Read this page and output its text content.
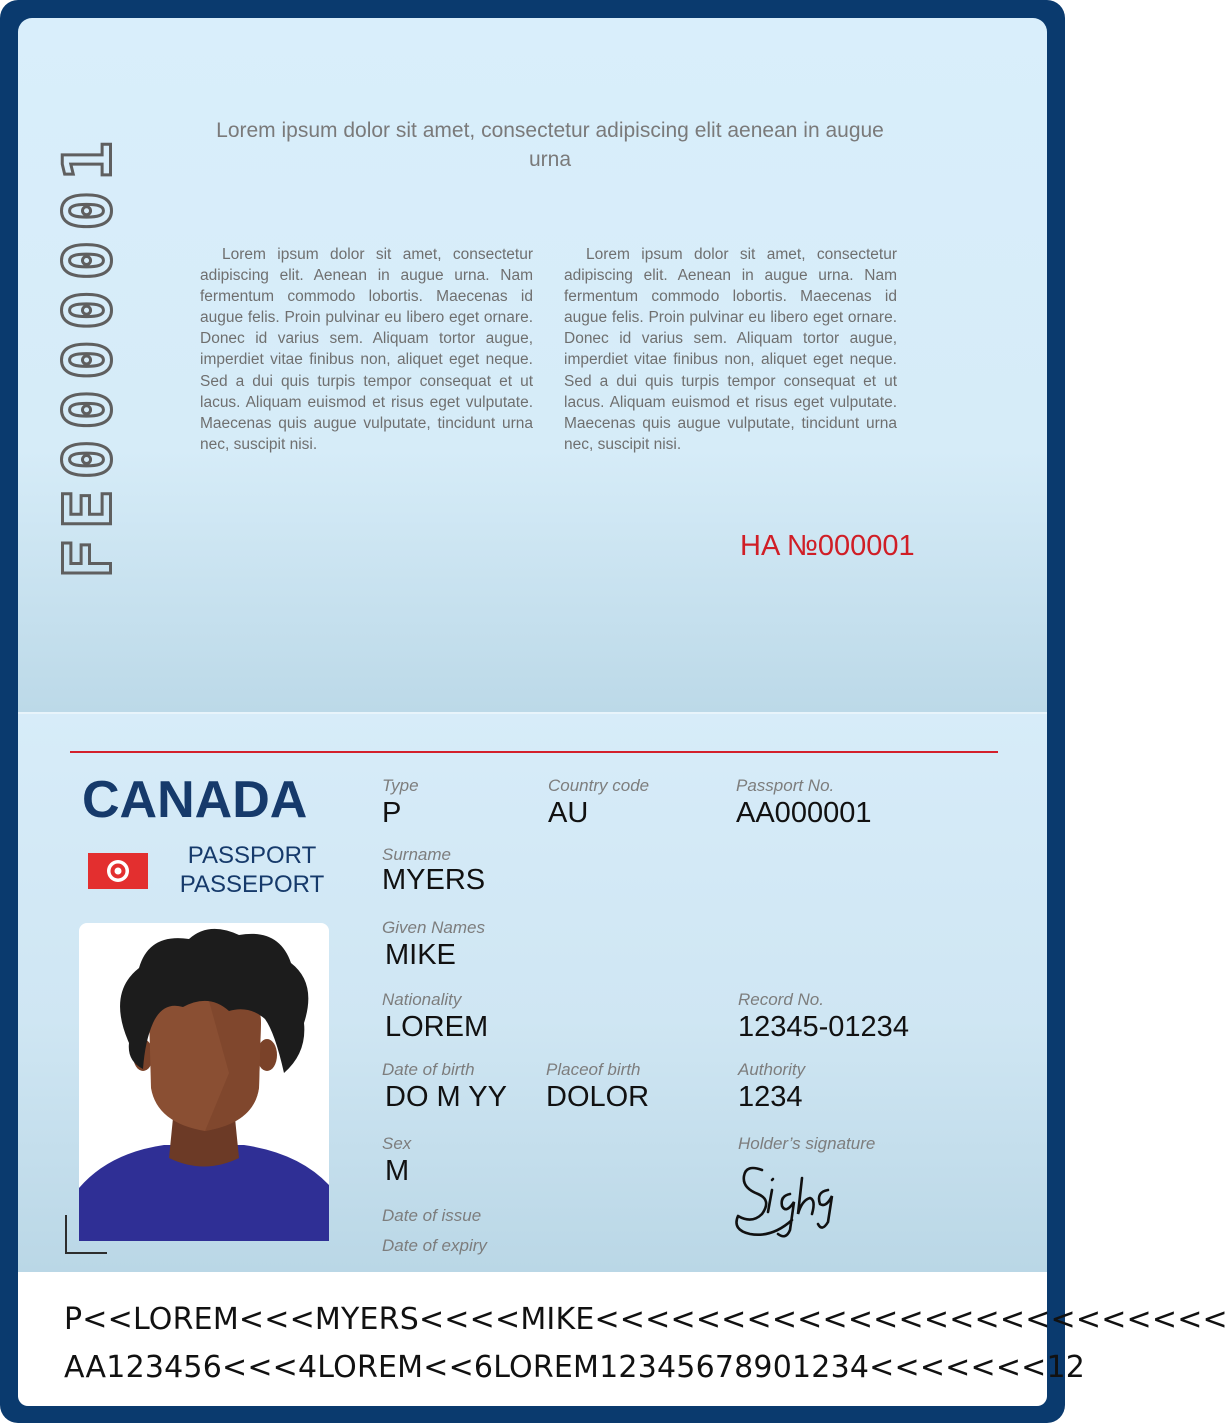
FE0000001
Lorem ipsum dolor sit amet, consectetur adipiscing elit aenean in augue urna
Lorem ipsum dolor sit amet, consectetur adipiscing elit. Aenean in augue urna. Nam fermentum commodo lobortis. Maecenas id augue felis. Proin pulvinar eu libero eget ornare. Donec id varius sem. Aliquam tortor augue, imperdiet vitae finibus non, aliquet eget neque. Sed a dui quis turpis tempor consequat et ut lacus. Aliquam euismod et risus eget vulputate. Maecenas quis augue vulputate, tincidunt urna nec, suscipit nisi.
Lorem ipsum dolor sit amet, consectetur adipiscing elit. Aenean in augue urna. Nam fermentum commodo lobortis. Maecenas id augue felis. Proin pulvinar eu libero eget ornare. Donec id varius sem. Aliquam tortor augue, imperdiet vitae finibus non, aliquet eget neque. Sed a dui quis turpis tempor consequat et ut lacus. Aliquam euismod et risus eget vulputate. Maecenas quis augue vulputate, tincidunt urna nec, suscipit nisi.
HA №000001
CANADA
PASSPORT
PASSEPORT
Type
P
Country code
AU
Passport No.
AA000001
Surname
MYERS
Given Names
MIKE
Nationality
LOREM
Record No.
12345-01234
Date of birth
DO M YY
Placeof birth
DOLOR
Authority
1234
Sex
M
Holder’s signature
Date of issue
Date of expiry
P<<LOREM<<<MYERS<<<<MIKE<<<<<<<<<<<<<<<<<<<<<<<<<
AA123456<<<4LOREM<<6LOREM12345678901234<<<<<<<12
